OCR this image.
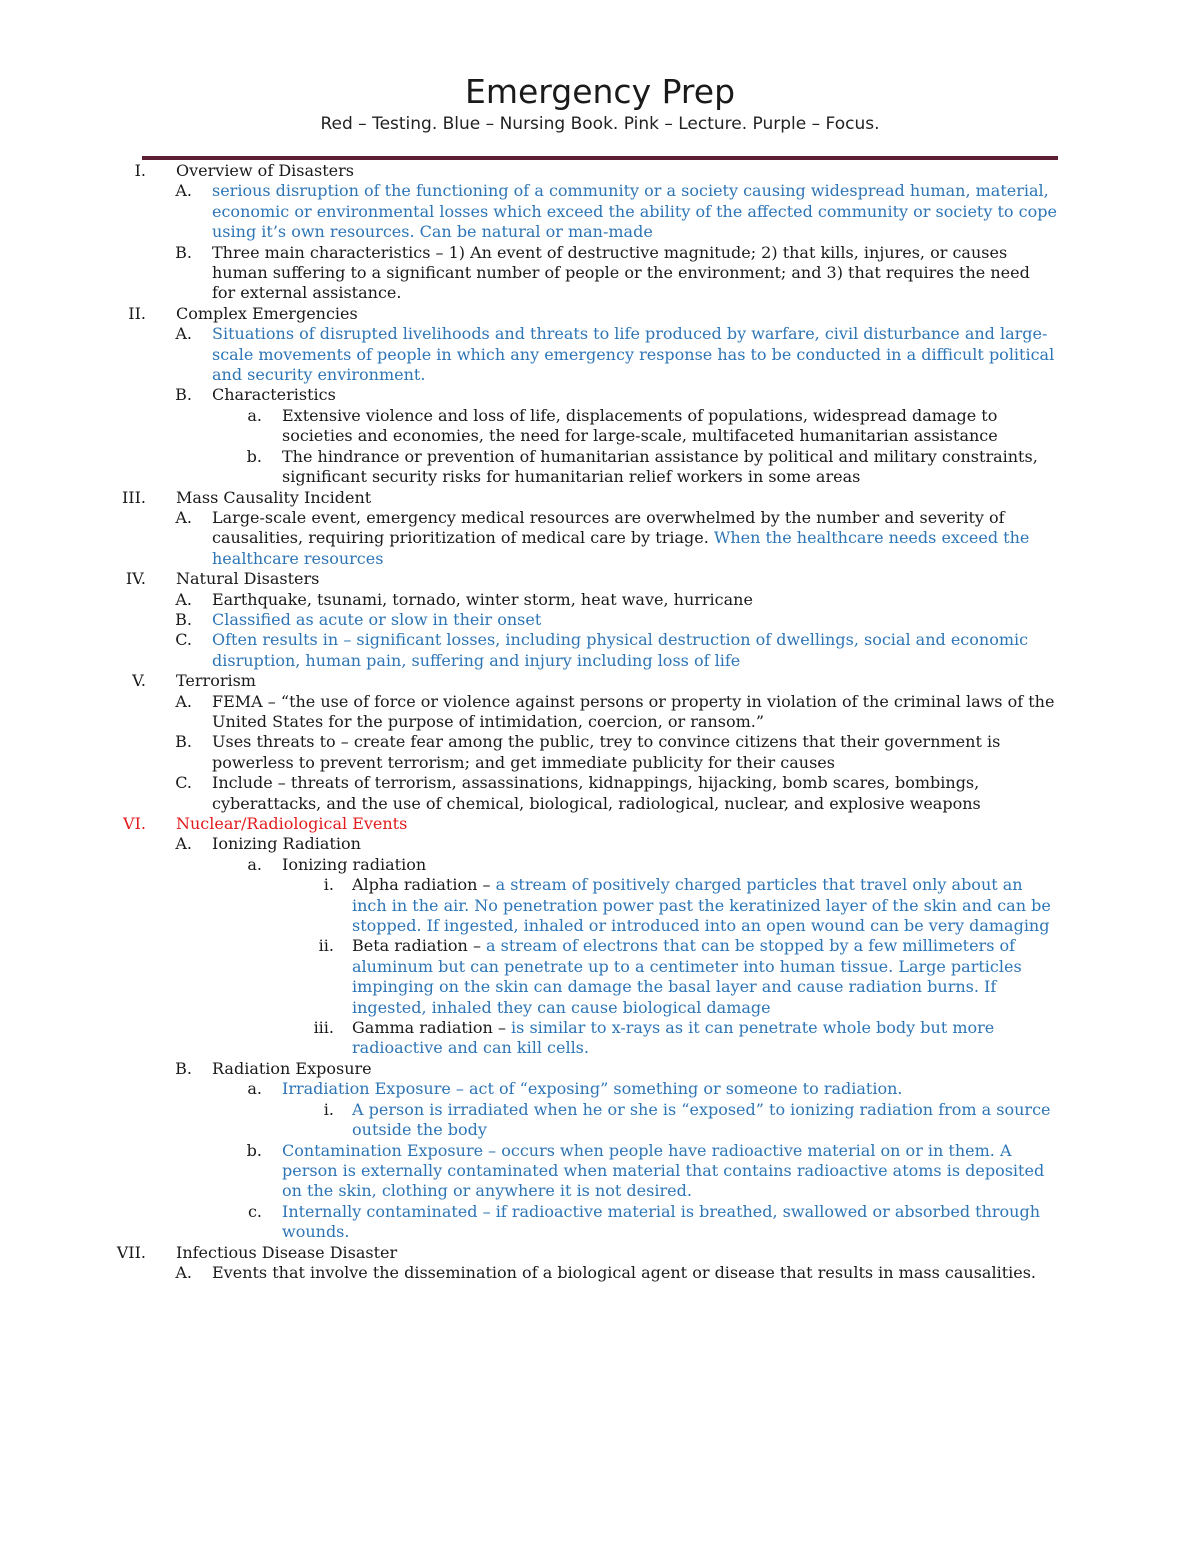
Emergency Prep
Red – Testing. Blue – Nursing Book. Pink – Lecture. Purple – Focus.
I. Overview of Disasters
A. serious disruption of the functioning of a community or a society causing widespread human, material, economic or environmental losses which exceed the ability of the affected community or society to cope using it’s own resources. Can be natural or man-made
B. Three main characteristics – 1) An event of destructive magnitude; 2) that kills, injures, or causes human suffering to a significant number of people or the environment; and 3) that requires the need for external assistance.
II. Complex Emergencies
A. Situations of disrupted livelihoods and threats to life produced by warfare, civil disturbance and large-scale movements of people in which any emergency response has to be conducted in a difficult political and security environment.
B. Characteristics
a. Extensive violence and loss of life, displacements of populations, widespread damage to societies and economies, the need for large-scale, multifaceted humanitarian assistance
b. The hindrance or prevention of humanitarian assistance by political and military constraints, significant security risks for humanitarian relief workers in some areas
III. Mass Causality Incident
A. Large-scale event, emergency medical resources are overwhelmed by the number and severity of causalities, requiring prioritization of medical care by triage. When the healthcare needs exceed the healthcare resources
IV. Natural Disasters
A. Earthquake, tsunami, tornado, winter storm, heat wave, hurricane
B. Classified as acute or slow in their onset
C. Often results in – significant losses, including physical destruction of dwellings, social and economic disruption, human pain, suffering and injury including loss of life
V. Terrorism
A. FEMA – “the use of force or violence against persons or property in violation of the criminal laws of the United States for the purpose of intimidation, coercion, or ransom.”
B. Uses threats to – create fear among the public, trey to convince citizens that their government is powerless to prevent terrorism; and get immediate publicity for their causes
C. Include – threats of terrorism, assassinations, kidnappings, hijacking, bomb scares, bombings, cyberattacks, and the use of chemical, biological, radiological, nuclear, and explosive weapons
VI. Nuclear/Radiological Events
A. Ionizing Radiation
a. Ionizing radiation
i. Alpha radiation – a stream of positively charged particles that travel only about an inch in the air. No penetration power past the keratinized layer of the skin and can be stopped. If ingested, inhaled or introduced into an open wound can be very damaging
ii. Beta radiation – a stream of electrons that can be stopped by a few millimeters of aluminum but can penetrate up to a centimeter into human tissue. Large particles impinging on the skin can damage the basal layer and cause radiation burns. If ingested, inhaled they can cause biological damage
iii. Gamma radiation – is similar to x-rays as it can penetrate whole body but more radioactive and can kill cells.
B. Radiation Exposure
a. Irradiation Exposure – act of “exposing” something or someone to radiation.
i. A person is irradiated when he or she is “exposed” to ionizing radiation from a source outside the body
b. Contamination Exposure – occurs when people have radioactive material on or in them. A person is externally contaminated when material that contains radioactive atoms is deposited on the skin, clothing or anywhere it is not desired.
c. Internally contaminated – if radioactive material is breathed, swallowed or absorbed through wounds.
VII. Infectious Disease Disaster
A. Events that involve the dissemination of a biological agent or disease that results in mass causalities.
